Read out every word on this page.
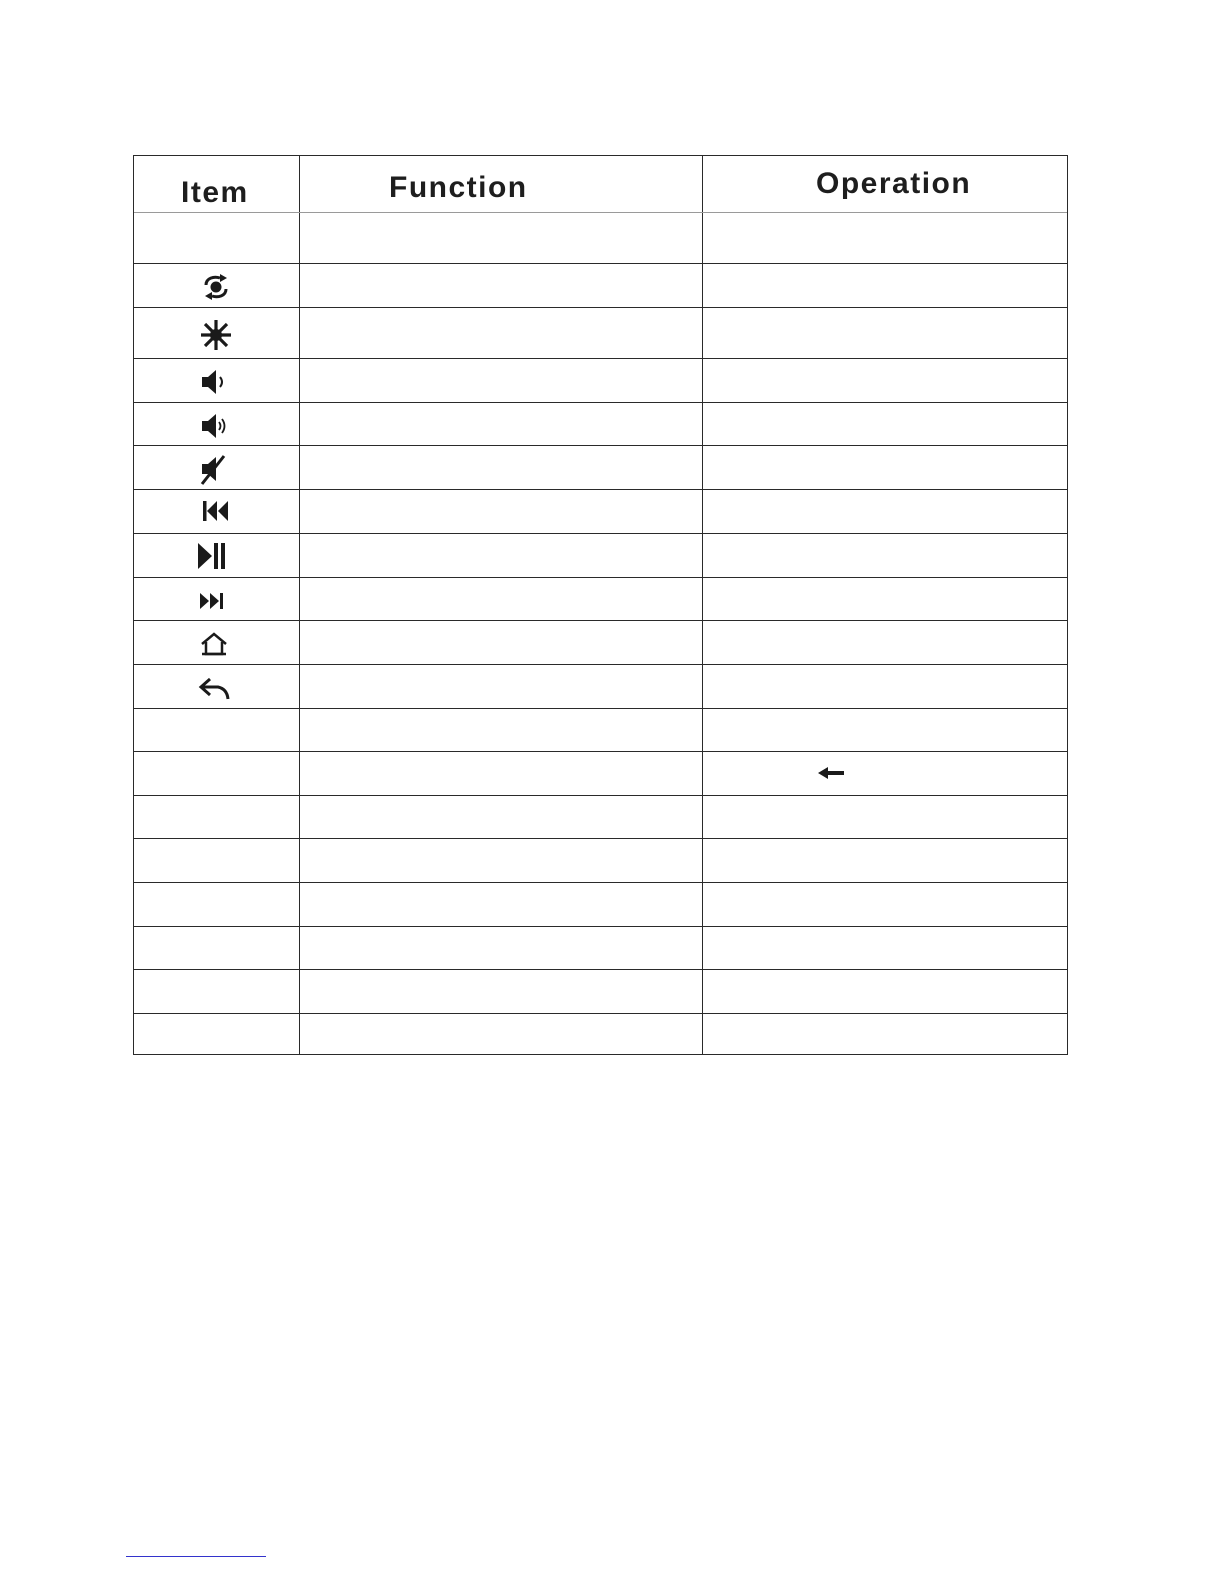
Item	Function	Operation
